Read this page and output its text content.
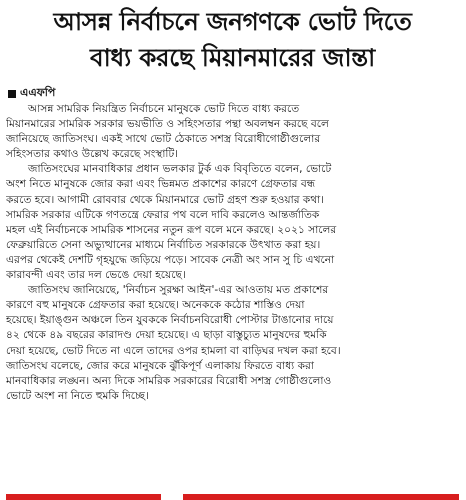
আসন্ন নির্বাচনে জনগণকে ভোট দিতে
বাধ্য করছে মিয়ানমারের জান্তা
এএফপি

আসন্ন সামরিক নিয়ন্ত্রিত নির্বাচনে মানুষকে ভোট দিতে বাধ্য করতে
মিয়ানমারের সামরিক সরকার ভয়ভীতি ও সহিংসতার পন্থা অবলম্বন করছে বলে
জানিয়েছে জাতিসংঘ। একই সাথে ভোট ঠেকাতে সশস্ত্র বিরোধীগোষ্ঠীগুলোর
সহিংসতার কথাও উল্লেখ করেছে সংস্থাটি।

জাতিসংঘের মানবাধিকার প্রধান ভলকার টুর্ক এক বিবৃতিতে বলেন, ভোটে
অংশ নিতে মানুষকে জোর করা এবং ভিন্নমত প্রকাশের কারণে গ্রেফতার বন্ধ
করতে হবে। আগামী রোববার থেকে মিয়ানমারে ভোট গ্রহণ শুরু হওয়ার কথা।
সামরিক সরকার এটিকে গণতন্ত্রে ফেরার পথ বলে দাবি করলেও আন্তর্জাতিক
মহল এই নির্বাচনকে সামরিক শাসনের নতুন রূপ বলে মনে করছে। ২০২১ সালের
ফেব্রুয়ারিতে সেনা অভ্যুত্থানের মাধ্যমে নির্বাচিত সরকারকে উৎখাত করা হয়।
এরপর থেকেই দেশটি গৃহযুদ্ধে জড়িয়ে পড়ে। সাবেক নেত্রী অং সান সু চি এখনো
কারাবন্দী এবং তার দল ভেঙে দেয়া হয়েছে।

জাতিসংঘ জানিয়েছে, 'নির্বাচন সুরক্ষা আইন'-এর আওতায় মত প্রকাশের
কারণে বহু মানুষকে গ্রেফতার করা হয়েছে। অনেককে কঠোর শাস্তিও দেয়া
হয়েছে। ইয়াঙ্গুন অঞ্চলে তিন যুবককে নির্বাচনবিরোধী পোস্টার টাঙানোর দায়ে
৪২ থেকে ৪৯ বছরের কারাদণ্ড দেয়া হয়েছে। এ ছাড়া বাস্তুচ্যুত মানুষদের হুমকি
দেয়া হয়েছে, ভোট দিতে না এলে তাদের ওপর হামলা বা বাড়িঘর দখল করা হবে।
জাতিসংঘ বলেছে, জোর করে মানুষকে ঝুঁকিপূর্ণ এলাকায় ফিরতে বাধ্য করা
মানবাধিকার লঙ্ঘন। অন্য দিকে সামরিক সরকারের বিরোধী সশস্ত্র গোষ্ঠীগুলোও
ভোটে অংশ না নিতে হুমকি দিচ্ছে।
